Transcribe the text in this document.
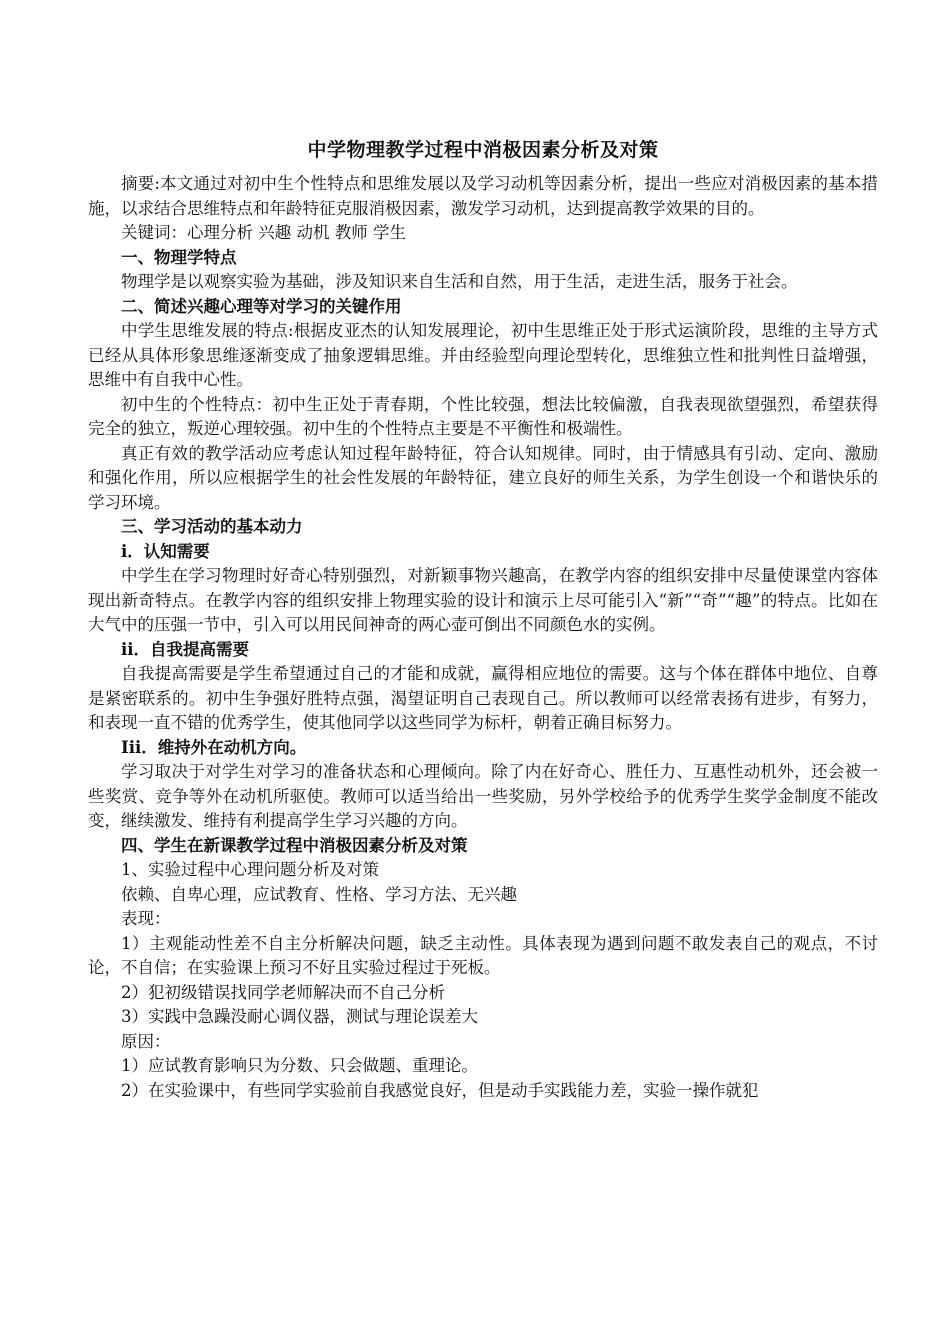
中学物理教学过程中消极因素分析及对策

摘要:本文通过对初中生个性特点和思维发展以及学习动机等因素分析，提出一些应对消极因素的基本措施，以求结合思维特点和年龄特征克服消极因素，激发学习动机，达到提高教学效果的目的。

关键词：心理分析 兴趣 动机 教师 学生

一、物理学特点

物理学是以观察实验为基础，涉及知识来自生活和自然，用于生活，走进生活，服务于社会。

二、简述兴趣心理等对学习的关键作用

中学生思维发展的特点:根据皮亚杰的认知发展理论，初中生思维正处于形式运演阶段，思维的主导方式已经从具体形象思维逐渐变成了抽象逻辑思维。并由经验型向理论型转化，思维独立性和批判性日益增强，思维中有自我中心性。

初中生的个性特点：初中生正处于青春期，个性比较强，想法比较偏激，自我表现欲望强烈，希望获得完全的独立，叛逆心理较强。初中生的个性特点主要是不平衡性和极端性。

真正有效的教学活动应考虑认知过程年龄特征，符合认知规律。同时，由于情感具有引动、定向、激励和强化作用，所以应根据学生的社会性发展的年龄特征，建立良好的师生关系，为学生创设一个和谐快乐的学习环境。

三、学习活动的基本动力

i．认知需要

中学生在学习物理时好奇心特别强烈，对新颖事物兴趣高，在教学内容的组织安排中尽量使课堂内容体现出新奇特点。在教学内容的组织安排上物理实验的设计和演示上尽可能引入“新”“奇”“趣”的特点。比如在大气中的压强一节中，引入可以用民间神奇的两心壶可倒出不同颜色水的实例。

ii．自我提高需要

自我提高需要是学生希望通过自己的才能和成就，赢得相应地位的需要。这与个体在群体中地位、自尊是紧密联系的。初中生争强好胜特点强，渴望证明自己表现自己。所以教师可以经常表扬有进步，有努力，和表现一直不错的优秀学生，使其他同学以这些同学为标杆，朝着正确目标努力。

Iii．维持外在动机方向。

学习取决于对学生对学习的准备状态和心理倾向。除了内在好奇心、胜任力、互惠性动机外，还会被一些奖赏、竞争等外在动机所驱使。教师可以适当给出一些奖励，另外学校给予的优秀学生奖学金制度不能改变，继续激发、维持有利提高学生学习兴趣的方向。

四、学生在新课教学过程中消极因素分析及对策

1、实验过程中心理问题分析及对策

依赖、自卑心理，应试教育、性格、学习方法、无兴趣

表现：

1）主观能动性差不自主分析解决问题，缺乏主动性。具体表现为遇到问题不敢发表自己的观点，不讨论，不自信；在实验课上预习不好且实验过程过于死板。

2）犯初级错误找同学老师解决而不自己分析

3）实践中急躁没耐心调仪器，测试与理论误差大

原因：

1）应试教育影响只为分数、只会做题、重理论。

2）在实验课中，有些同学实验前自我感觉良好，但是动手实践能力差，实验一操作就犯
